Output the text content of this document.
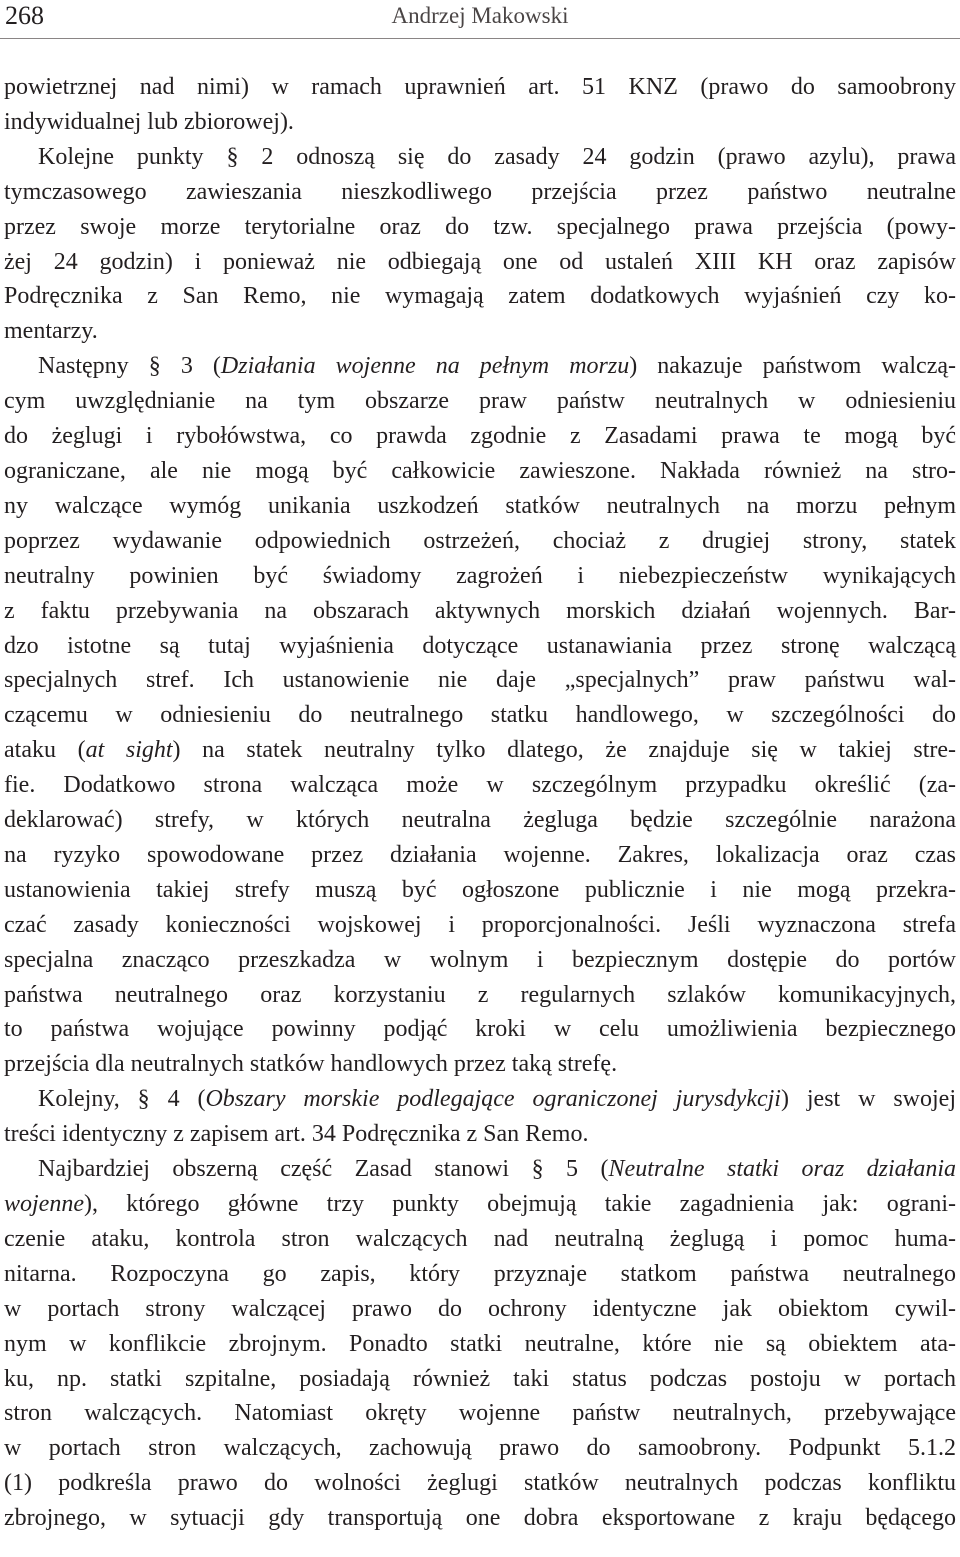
268	Andrzej Makowski
powietrznej nad nimi) w ramach uprawnień art. 51 KNZ (prawo do samoobrony
indywidualnej lub zbiorowej).
Kolejne punkty § 2 odnoszą się do zasady 24 godzin (prawo azylu), prawa
tymczasowego zawieszania nieszkodliwego przejścia przez państwo neutralne
przez swoje morze terytorialne oraz do tzw. specjalnego prawa przejścia (powy-
żej 24 godzin) i ponieważ nie odbiegają one od ustaleń XIII KH oraz zapisów
Podręcznika z San Remo, nie wymagają zatem dodatkowych wyjaśnień czy ko-
mentarzy.
Następny § 3 (Działania wojenne na pełnym morzu) nakazuje państwom walczą-
cym uwzględnianie na tym obszarze praw państw neutralnych w odniesieniu
do żeglugi i rybołówstwa, co prawda zgodnie z Zasadami prawa te mogą być
ograniczane, ale nie mogą być całkowicie zawieszone. Nakłada również na stro-
ny walczące wymóg unikania uszkodzeń statków neutralnych na morzu pełnym
poprzez wydawanie odpowiednich ostrzeżeń, chociaż z drugiej strony, statek
neutralny powinien być świadomy zagrożeń i niebezpieczeństw wynikających
z faktu przebywania na obszarach aktywnych morskich działań wojennych. Bar-
dzo istotne są tutaj wyjaśnienia dotyczące ustanawiania przez stronę walczącą
specjalnych stref. Ich ustanowienie nie daje „specjalnych” praw państwu wal-
czącemu w odniesieniu do neutralnego statku handlowego, w szczególności do
ataku (at sight) na statek neutralny tylko dlatego, że znajduje się w takiej stre-
fie. Dodatkowo strona walcząca może w szczególnym przypadku określić (za-
deklarować) strefy, w których neutralna żegluga będzie szczególnie narażona
na ryzyko spowodowane przez działania wojenne. Zakres, lokalizacja oraz czas
ustanowienia takiej strefy muszą być ogłoszone publicznie i nie mogą przekra-
czać zasady konieczności wojskowej i proporcjonalności. Jeśli wyznaczona strefa
specjalna znacząco przeszkadza w wolnym i bezpiecznym dostępie do portów
państwa neutralnego oraz korzystaniu z regularnych szlaków komunikacyjnych,
to państwa wojujące powinny podjąć kroki w celu umożliwienia bezpiecznego
przejścia dla neutralnych statków handlowych przez taką strefę.
Kolejny, § 4 (Obszary morskie podlegające ograniczonej jurysdykcji) jest w swojej
treści identyczny z zapisem art. 34 Podręcznika z San Remo.
Najbardziej obszerną część Zasad stanowi § 5 (Neutralne statki oraz działania
wojenne), którego główne trzy punkty obejmują takie zagadnienia jak: ograni-
czenie ataku, kontrola stron walczących nad neutralną żeglugą i pomoc huma-
nitarna. Rozpoczyna go zapis, który przyznaje statkom państwa neutralnego
w portach strony walczącej prawo do ochrony identyczne jak obiektom cywil-
nym w konflikcie zbrojnym. Ponadto statki neutralne, które nie są obiektem ata-
ku, np. statki szpitalne, posiadają również taki status podczas postoju w portach
stron walczących. Natomiast okręty wojenne państw neutralnych, przebywające
w portach stron walczących, zachowują prawo do samoobrony. Podpunkt 5.1.2
(1) podkreśla prawo do wolności żeglugi statków neutralnych podczas konfliktu
zbrojnego, w sytuacji gdy transportują one dobra eksportowane z kraju będącego
